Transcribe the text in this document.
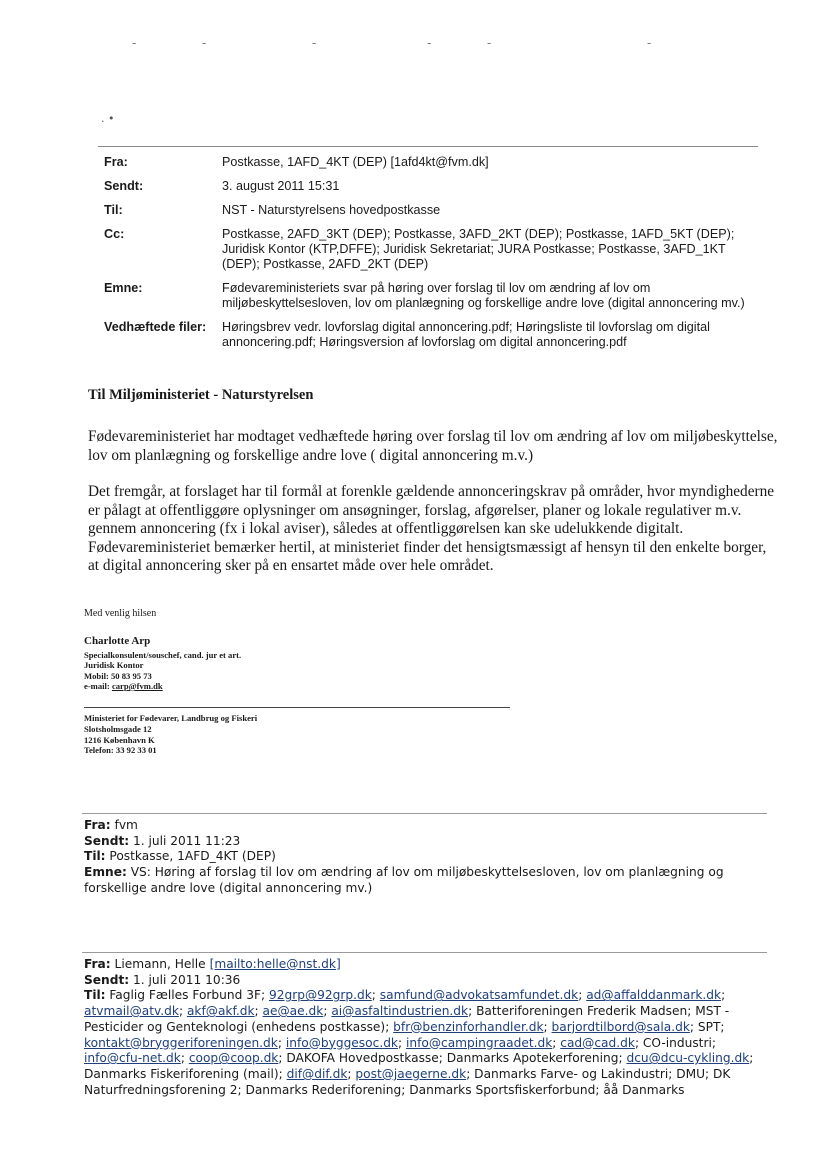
-	-	-	-	-	-
. •
Fra:	Postkasse, 1AFD_4KT (DEP) [1afd4kt@fvm.dk]
Sendt:	3. august 2011 15:31
Til:	NST - Naturstyrelsens hovedpostkasse
Cc:	Postkasse, 2AFD_3KT (DEP); Postkasse, 3AFD_2KT (DEP); Postkasse, 1AFD_5KT (DEP); Juridisk Kontor (KTP,DFFE); Juridisk Sekretariat; JURA Postkasse; Postkasse, 3AFD_1KT (DEP); Postkasse, 2AFD_2KT (DEP)
Emne:	Fødevareministeriets svar på høring over forslag til lov om ændring af lov om miljøbeskyttelsesloven, lov om planlægning og forskellige andre love (digital annoncering mv.)
Vedhæftede filer:	Høringsbrev vedr. lovforslag digital annoncering.pdf; Høringsliste til lovforslag om digital annoncering.pdf; Høringsversion af lovforslag om digital annoncering.pdf
Til Miljøministeriet - Naturstyrelsen
Fødevareministeriet har modtaget vedhæftede høring over forslag til lov om ændring af lov om miljøbeskyttelse, lov om planlægning og forskellige andre love ( digital annoncering m.v.)
Det fremgår, at forslaget har til formål at forenkle gældende annonceringskrav på områder, hvor myndighederne er pålagt at offentliggøre oplysninger om ansøgninger, forslag, afgørelser, planer og lokale regulativer m.v. gennem annoncering (fx i lokal aviser), således at offentliggørelsen kan ske udelukkende digitalt. Fødevareministeriet bemærker hertil, at ministeriet finder det hensigtsmæssigt af hensyn til den enkelte borger, at digital annoncering sker på en ensartet måde over hele området.
Med venlig hilsen
Charlotte Arp
Specialkonsulent/souschef, cand. jur et art.
Juridisk Kontor
Mobil: 50 83 95 73
e-mail: carp@fvm.dk
Ministeriet for Fødevarer, Landbrug og Fiskeri
Slotsholmsgade 12
1216 København K
Telefon: 33 92 33 01
Fra: fvm
Sendt: 1. juli 2011 11:23
Til: Postkasse, 1AFD_4KT (DEP)
Emne: VS: Høring af forslag til lov om ændring af lov om miljøbeskyttelsesloven, lov om planlægning og forskellige andre love (digital annoncering mv.)
Fra: Liemann, Helle [mailto:helle@nst.dk]
Sendt: 1. juli 2011 10:36
Til: Faglig Fælles Forbund 3F; 92grp@92grp.dk; samfund@advokatsamfundet.dk; ad@affalddanmark.dk; atvmail@atv.dk; akf@akf.dk; ae@ae.dk; ai@asfaltindustrien.dk; Batteriforeningen Frederik Madsen; MST - Pesticider og Genteknologi (enhedens postkasse); bfr@benzinforhandler.dk; barjordtilbord@sala.dk; SPT; kontakt@bryggeriforeningen.dk; info@byggesoc.dk; info@campingraadet.dk; cad@cad.dk; CO-industri; info@cfu-net.dk; coop@coop.dk; DAKOFA Hovedpostkasse; Danmarks Apotekerforening; dcu@dcu-cykling.dk; Danmarks Fiskeriforening (mail); dif@dif.dk; post@jaegerne.dk; Danmarks Farve- og Lakindustri; DMU; DK Naturfredningsforening 2; Danmarks Rederiforening; Danmarks Sportsfiskerforbund; åå Danmarks
